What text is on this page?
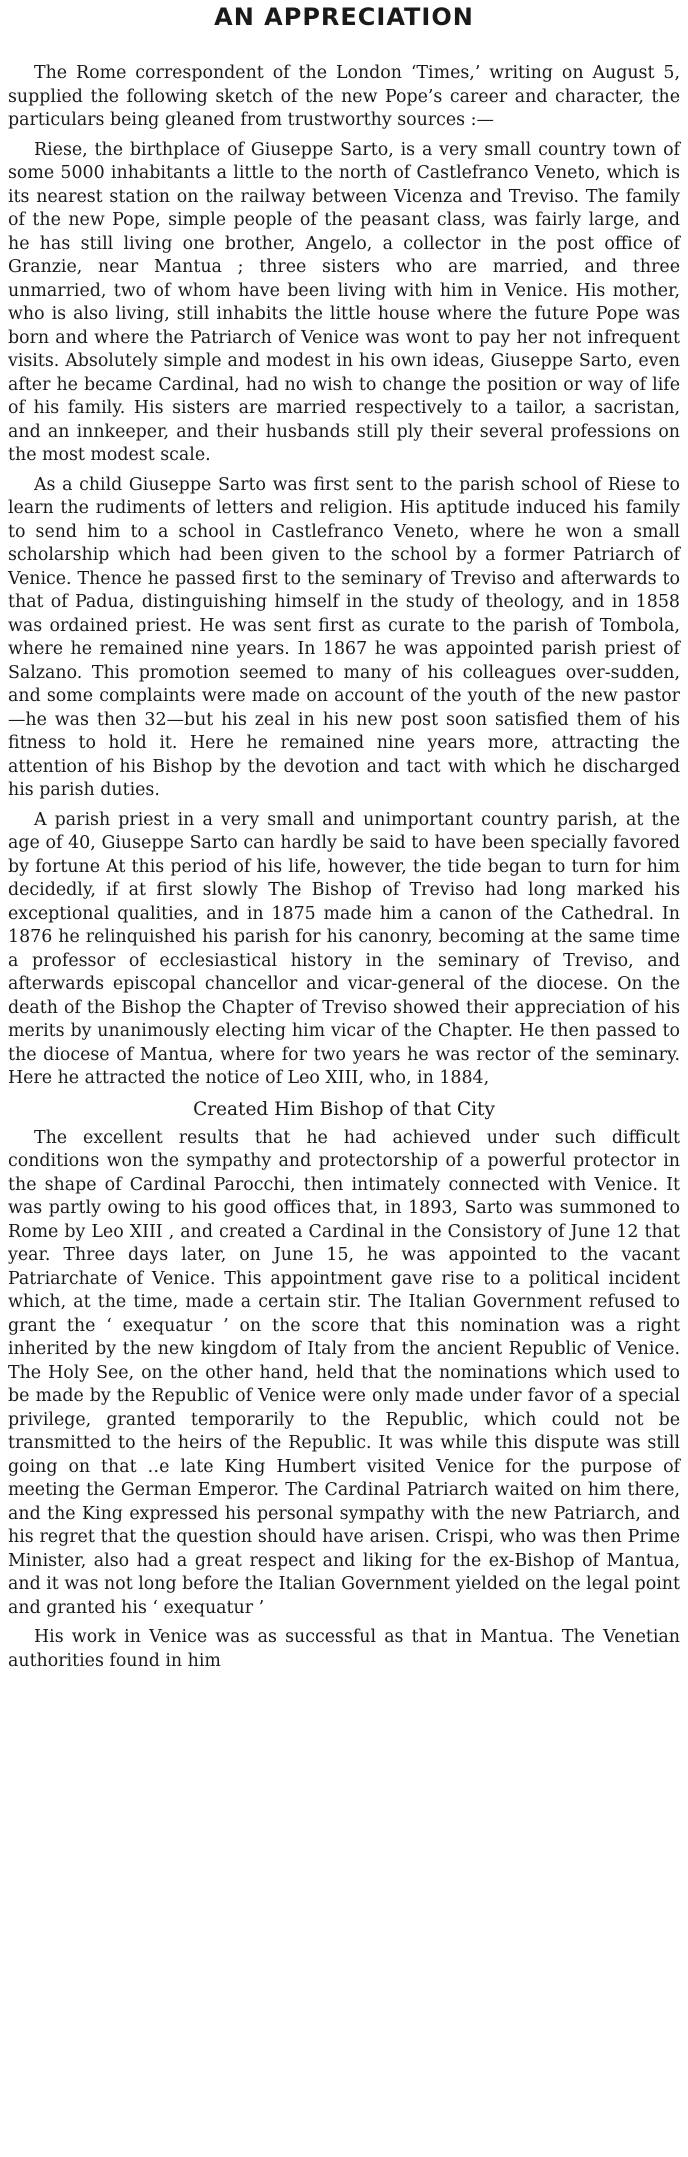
AN APPRECIATION

The Rome correspondent of the London ‘Times,’ writing on August 5, supplied the following sketch of the new Pope’s career and character, the particulars being gleaned from trustworthy sources :—

Riese, the birthplace of Giuseppe Sarto, is a very small country town of some 5000 inhabitants a little to the north of Castlefranco Veneto, which is its nearest station on the railway between Vicenza and Treviso. The family of the new Pope, simple people of the peasant class, was fairly large, and he has still living one brother, Angelo, a collector in the post office of Granzie, near Mantua ; three sisters who are married, and three unmarried, two of whom have been living with him in Venice. His mother, who is also living, still inhabits the little house where the future Pope was born and where the Patriarch of Venice was wont to pay her not infrequent visits. Absolutely simple and modest in his own ideas, Giuseppe Sarto, even after he became Cardinal, had no wish to change the position or way of life of his family. His sisters are married respectively to a tailor, a sacristan, and an innkeeper, and their husbands still ply their several professions on the most modest scale.

As a child Giuseppe Sarto was first sent to the parish school of Riese to learn the rudiments of letters and religion. His aptitude induced his family to send him to a school in Castlefranco Veneto, where he won a small scholarship which had been given to the school by a former Patriarch of Venice. Thence he passed first to the seminary of Treviso and afterwards to that of Padua, distinguishing himself in the study of theology, and in 1858 was ordained priest. He was sent first as curate to the parish of Tombola, where he remained nine years. In 1867 he was appointed parish priest of Salzano. This promotion seemed to many of his colleagues over-sudden, and some complaints were made on account of the youth of the new pastor—he was then 32—but his zeal in his new post soon satisfied them of his fitness to hold it. Here he remained nine years more, attracting the attention of his Bishop by the devotion and tact with which he discharged his parish duties.

A parish priest in a very small and unimportant country parish, at the age of 40, Giuseppe Sarto can hardly be said to have been specially favored by fortune At this period of his life, however, the tide began to turn for him decidedly, if at first slowly The Bishop of Treviso had long marked his exceptional qualities, and in 1875 made him a canon of the Cathedral. In 1876 he relinquished his parish for his canonry, becoming at the same time a professor of ecclesiastical history in the seminary of Treviso, and afterwards episcopal chancellor and vicar-general of the diocese. On the death of the Bishop the Chapter of Treviso showed their appreciation of his merits by unanimously electing him vicar of the Chapter. He then passed to the diocese of Mantua, where for two years he was rector of the seminary. Here he attracted the notice of Leo XIII, who, in 1884,

Created Him Bishop of that City

The excellent results that he had achieved under such difficult conditions won the sympathy and protectorship of a powerful protector in the shape of Cardinal Parocchi, then intimately connected with Venice. It was partly owing to his good offices that, in 1893, Sarto was summoned to Rome by Leo XIII , and created a Cardinal in the Consistory of June 12 that year. Three days later, on June 15, he was appointed to the vacant Patriarchate of Venice. This appointment gave rise to a political incident which, at the time, made a certain stir. The Italian Government refused to grant the ‘ exequatur ’ on the score that this nomination was a right inherited by the new kingdom of Italy from the ancient Republic of Venice. The Holy See, on the other hand, held that the nominations which used to be made by the Republic of Venice were only made under favor of a special privilege, granted temporarily to the Republic, which could not be transmitted to the heirs of the Republic. It was while this dispute was still going on that ‥e late King Humbert visited Venice for the purpose of meeting the German Emperor. The Cardinal Patriarch waited on him there, and the King expressed his personal sympathy with the new Patriarch, and his regret that the question should have arisen. Crispi, who was then Prime Minister, also had a great respect and liking for the ex-Bishop of Mantua, and it was not long before the Italian Government yielded on the legal point and granted his ‘ exequatur ’

His work in Venice was as successful as that in Mantua. The Venetian authorities found in him
